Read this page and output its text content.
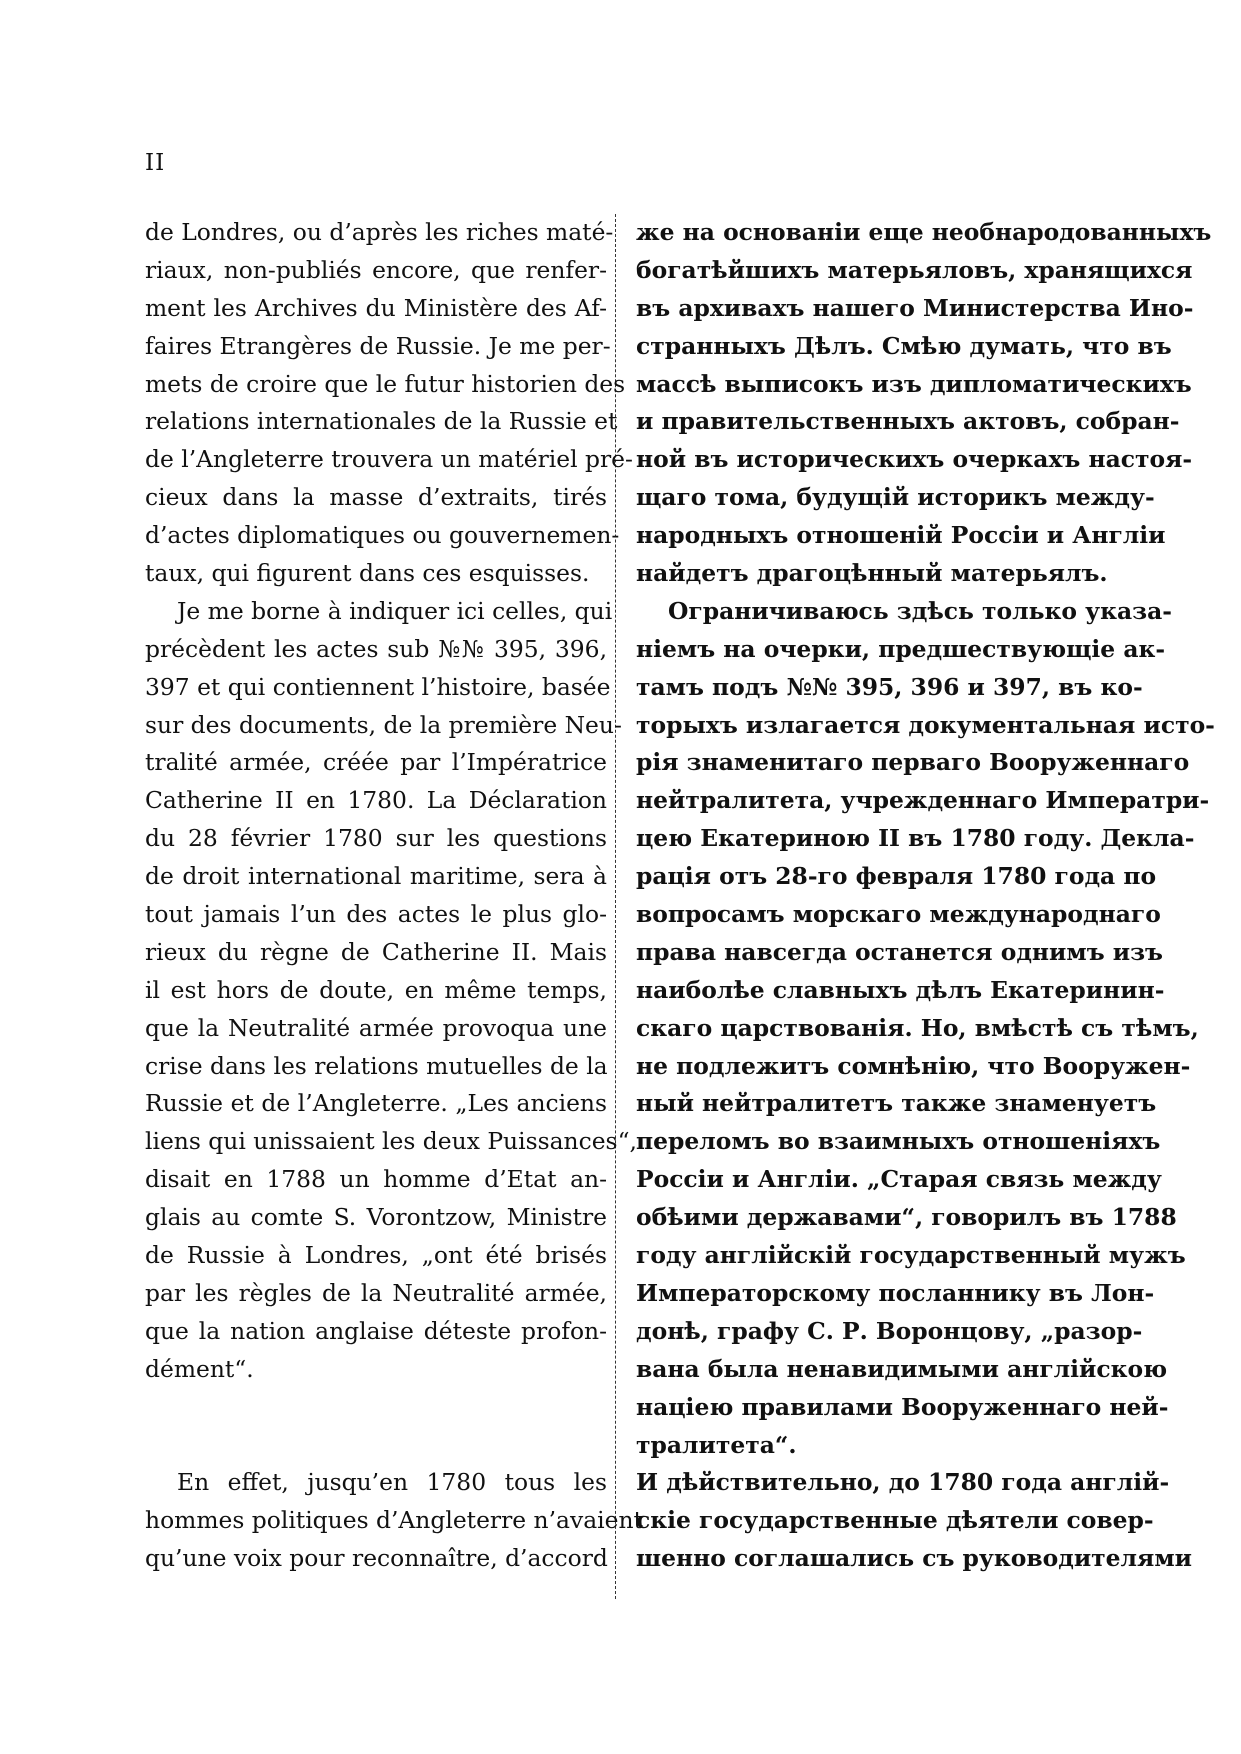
II
de Londres, ou d’après les riches maté-
riaux, non-publiés encore, que renfer-
ment les Archives du Ministère des Af-
faires Etrangères de Russie. Je me per-
mets de croire que le futur historien des
relations internationales de la Russie et
de l’Angleterre trouvera un matériel pré-
cieux dans la masse d’extraits, tirés
d’actes diplomatiques ou gouvernemen-
taux, qui figurent dans ces esquisses.
Je me borne à indiquer ici celles, qui
précèdent les actes sub №№ 395, 396,
397 et qui contiennent l’histoire, basée
sur des documents, de la première Neu-
tralité armée, créée par l’Impératrice
Catherine II en 1780. La Déclaration
du 28 février 1780 sur les questions
de droit international maritime, sera à
tout jamais l’un des actes le plus glo-
rieux du règne de Catherine II. Mais
il est hors de doute, en même temps,
que la Neutralité armée provoqua une
crise dans les relations mutuelles de la
Russie et de l’Angleterre. „Les anciens
liens qui unissaient les deux Puissances“,
disait en 1788 un homme d’Etat an-
glais au comte S. Vorontzow, Ministre
de Russie à Londres, „ont été brisés
par les règles de la Neutralité armée,
que la nation anglaise déteste profon-
dément“.
En effet, jusqu’en 1780 tous les
hommes politiques d’Angleterre n’avaient
qu’une voix pour reconnaître, d’accord
же на основанiи еще необнародованныхъ
богатѣйшихъ матерьяловъ, хранящихся
въ архивахъ нашего Министерства Ино-
странныхъ Дѣлъ. Смѣю думать, что въ
массѣ выписокъ изъ дипломатическихъ
и правительственныхъ актовъ, собран-
ной въ историческихъ очеркахъ настоя-
щаго тома, будущiй историкъ между-
народныхъ отношенiй Россiи и Англiи
найдетъ драгоцѣнный матерьялъ.
Ограничиваюсь здѣсь только указа-
нiемъ на очерки, предшествующiе ак-
тамъ подъ №№ 395, 396 и 397, въ ко-
торыхъ излагается документальная исто-
рiя знаменитаго перваго Вооруженнаго
нейтралитета, учрежденнаго Императри-
цею Екатериною II въ 1780 году. Декла-
рацiя отъ 28-го февраля 1780 года по
вопросамъ морскаго международнаго
права навсегда останется однимъ изъ
наиболѣе славныхъ дѣлъ Екатеринин-
скаго царствованiя. Но, вмѣстѣ съ тѣмъ,
не подлежитъ сомнѣнiю, что Вооружен-
ный нейтралитетъ также знаменуетъ
переломъ во взаимныхъ отношенiяхъ
Россiи и Англiи. „Старая связь между
обѣими державами“, говорилъ въ 1788
году англiйскiй государственный мужъ
Императорскому посланнику въ Лон-
донѣ, графу С. Р. Воронцову, „разор-
вана была ненавидимыми англiйскою
нацiею правилами Вооруженнаго ней-
тралитета“.
И дѣйствительно, до 1780 года англiй-
скiе государственные дѣятели совер-
шенно соглашались съ руководителями
